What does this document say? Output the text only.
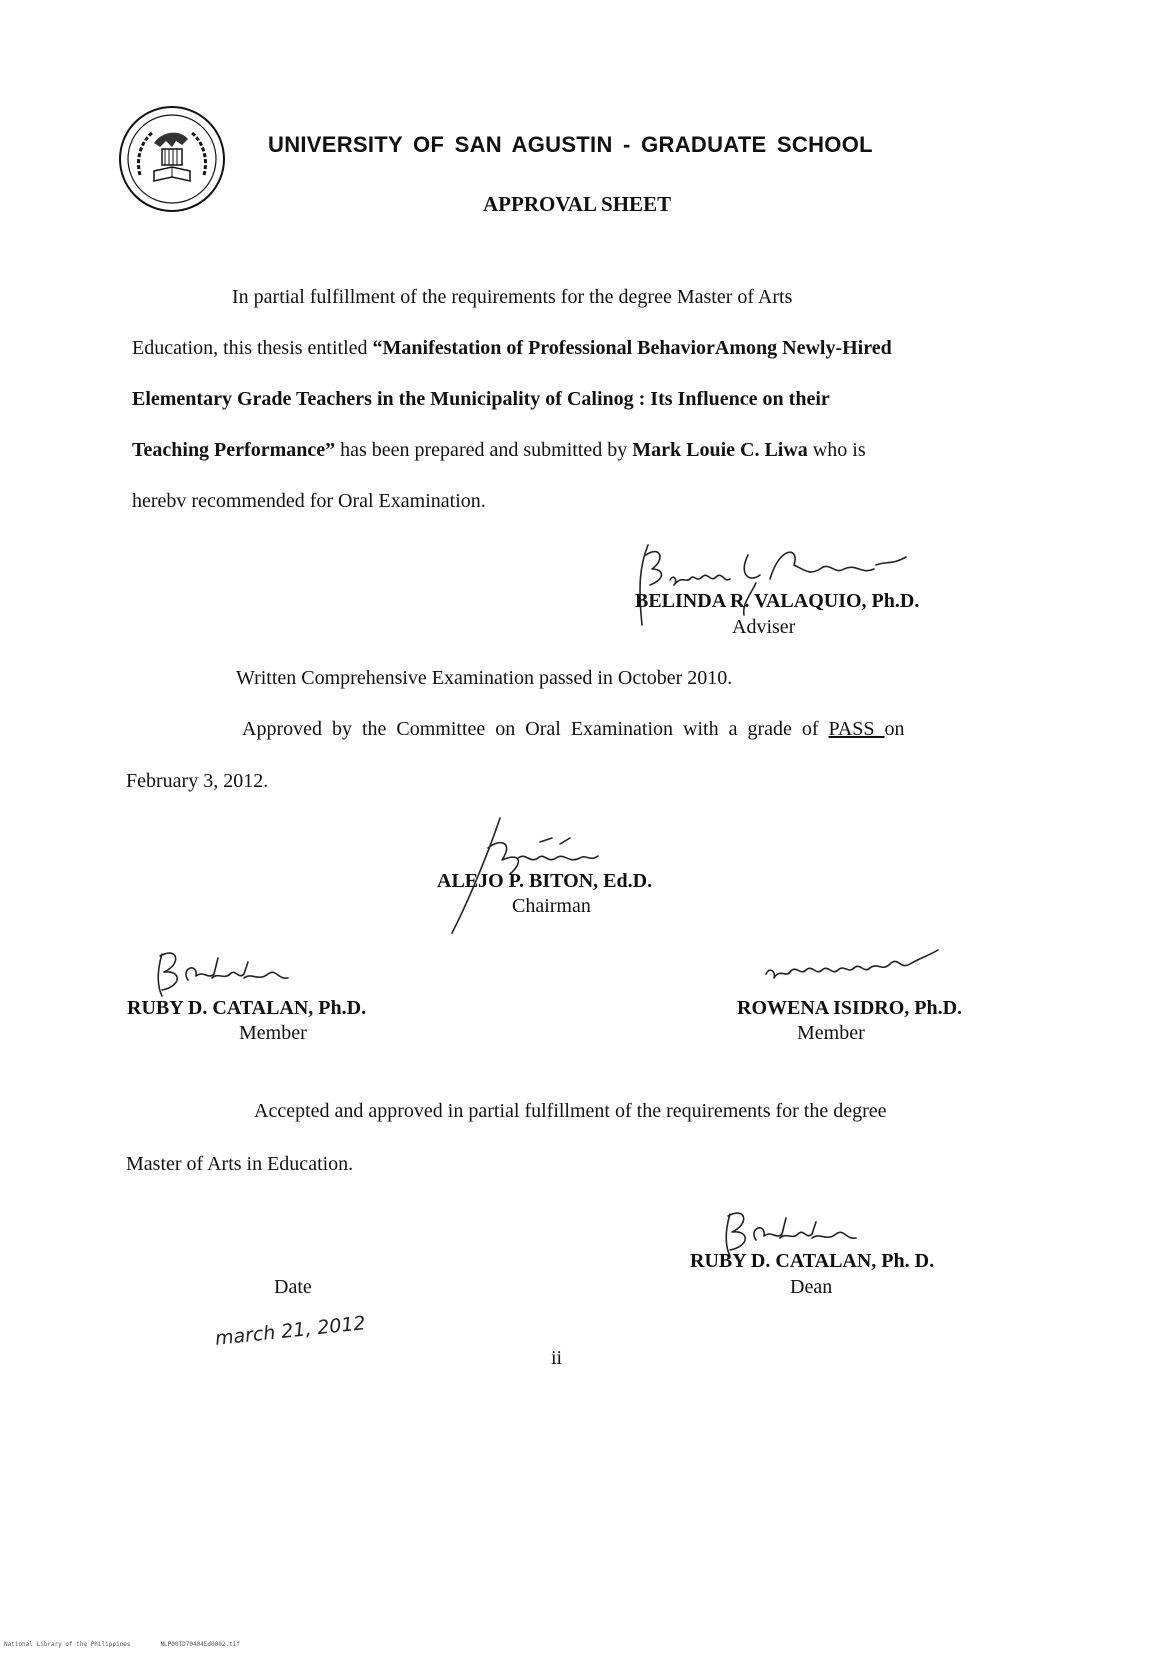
UNIVERSITY OF SAN AGUSTIN - GRADUATE SCHOOL
APPROVAL SHEET
In partial fulfillment of the requirements for the degree Master of Arts
Education, this thesis entitled “Manifestation of Professional BehaviorAmong Newly-Hired
Elementary Grade Teachers in the Municipality of Calinog : Its Influence on their
Teaching Performance” has been prepared and submitted by Mark Louie C. Liwa who is
herebv recommended for Oral Examination.
BELINDA R. VALAQUIO, Ph.D.
Adviser
Written Comprehensive Examination passed in October 2010.
Approved by the Committee on Oral Examination with a grade of PASS on
February 3, 2012.
ALEJO P. BITON, Ed.D.
Chairman
RUBY D. CATALAN, Ph.D.
Member
ROWENA ISIDRO, Ph.D.
Member
Accepted and approved in partial fulfillment of the requirements for the degree
Master of Arts in Education.
march 21, 2012
Date
RUBY D. CATALAN, Ph. D.
Dean
ii
National Library of the Philippines	NLP00TD70404Ed0002.tif
